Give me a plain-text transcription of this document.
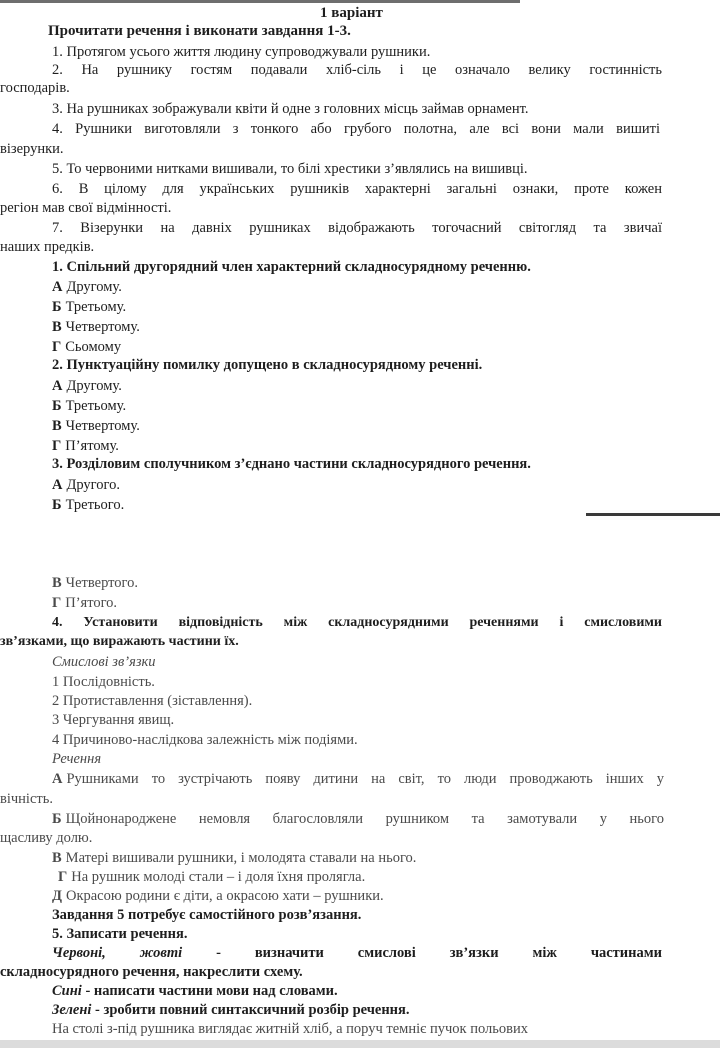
1 варіант
Прочитати речення і виконати завдання 1-3.
1. Протягом усього життя людину супроводжували рушники.
2. На рушнику гостям подавали хліб-сіль і це означало велику гостинність
господарів.
3. На рушниках зображували квіти й одне з головних місць займав орнамент.
4. Рушники виготовляли з тонкого або грубого полотна, але всі вони мали вишиті
візерунки.
5. То червоними нитками вишивали, то білі хрестики з’являлись на вишивці.
6. В цілому для українських рушників характерні загальні ознаки, проте кожен
регіон мав свої відмінності.
7. Візерунки на давніх рушниках відображають тогочасний світогляд та звичаї
наших предків.
1. Спільний другорядний член характерний складносурядному реченню.
А Другому.
Б Третьому.
В Четвертому.
Г Сьомому
2. Пунктуаційну помилку допущено в складносурядному реченні.
А Другому.
Б Третьому.
В Четвертому.
Г П’ятому.
3. Розділовим сполучником з’єднано частини складносурядного речення.
А Другого.
Б Третього.
В Четвертого.
Г П’ятого.
4. Установити відповідність між складносурядними реченнями і смисловими
зв’язками, що виражають частини їх.
Смислові зв’язки
1 Послідовність.
2 Протиставлення (зіставлення).
3 Чергування явищ.
4 Причиново-наслідкова залежність між подіями.
Речення
А Рушниками то зустрічають появу дитини на світ, то люди проводжають інших у
вічність.
Б Щойнонароджене немовля благословляли рушником та замотували у нього
щасливу долю.
В Матері вишивали рушники, і молодята ставали на нього.
Г На рушник молоді стали – і доля їхня пролягла.
Д Окрасою родини є діти, а окрасою хати – рушники.
Завдання 5 потребує самостійного розв’язання.
5. Записати речення.
Червоні, жовті - визначити смислові зв’язки між частинами
складносурядного речення, накреслити схему.
Сині - написати частини мови над словами.
Зелені - зробити повний синтаксичний розбір речення.
На столі з-під рушника виглядає житній хліб, а поруч темніє пучок польових
